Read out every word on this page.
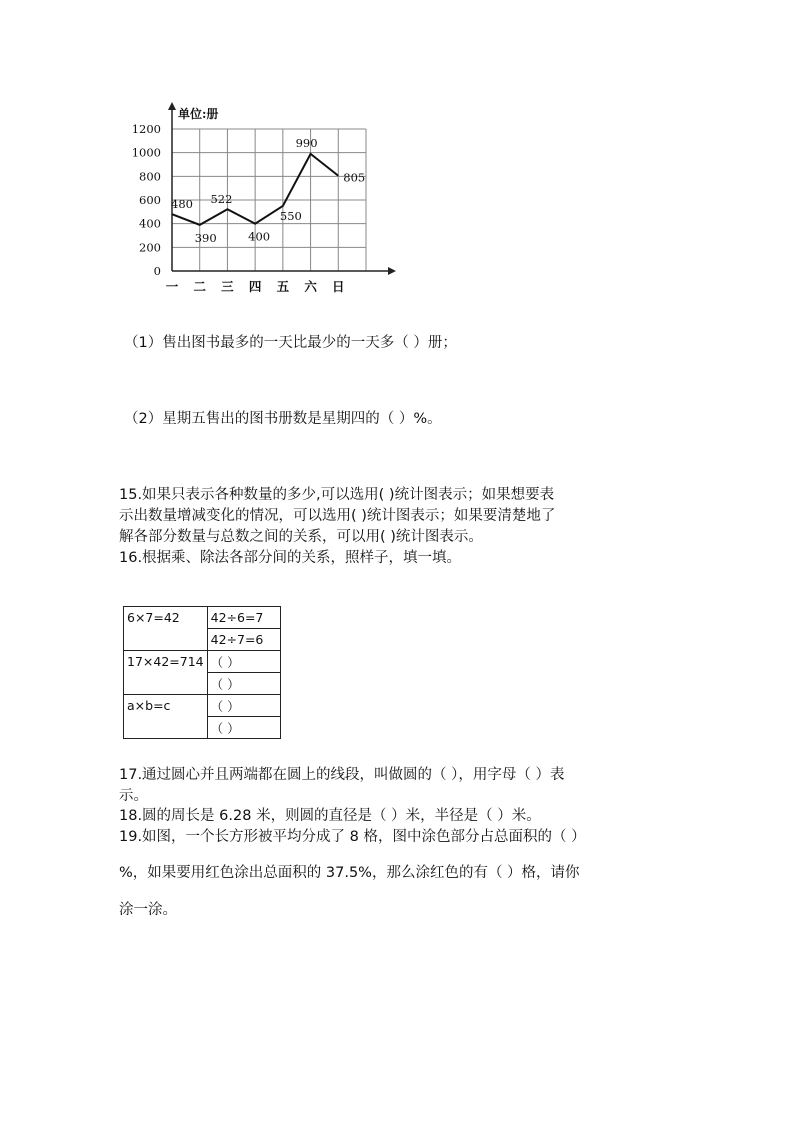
0
200
400
600
800
1000
1200
单位:册
一 二 三 四 五 六 日
480
390
522
400
550
990
805
（1）售出图书最多的一天比最少的一天多（ ）册；
（2）星期五售出的图书册数是星期四的（ ）%。
15.如果只表示各种数量的多少,可以选用( )统计图表示；如果想要表
示出数量增减变化的情况，可以选用( )统计图表示；如果要清楚地了
解各部分数量与总数之间的关系，可以用( )统计图表示。
16.根据乘、除法各部分间的关系，照样子，填一填。
6×7=42	42÷6=7
	42÷7=6
17×42=714	（ ）
	（ ）
a×b=c	（ ）
	（ ）
17.通过圆心并且两端都在圆上的线段，叫做圆的（ ），用字母（ ）表
示。
18.圆的周长是 6.28 米，则圆的直径是（ ）米，半径是（ ）米。
19.如图，一个长方形被平均分成了 8 格，图中涂色部分占总面积的（ ）
%，如果要用红色涂出总面积的 37.5%，那么涂红色的有（ ）格，请你
涂一涂。
